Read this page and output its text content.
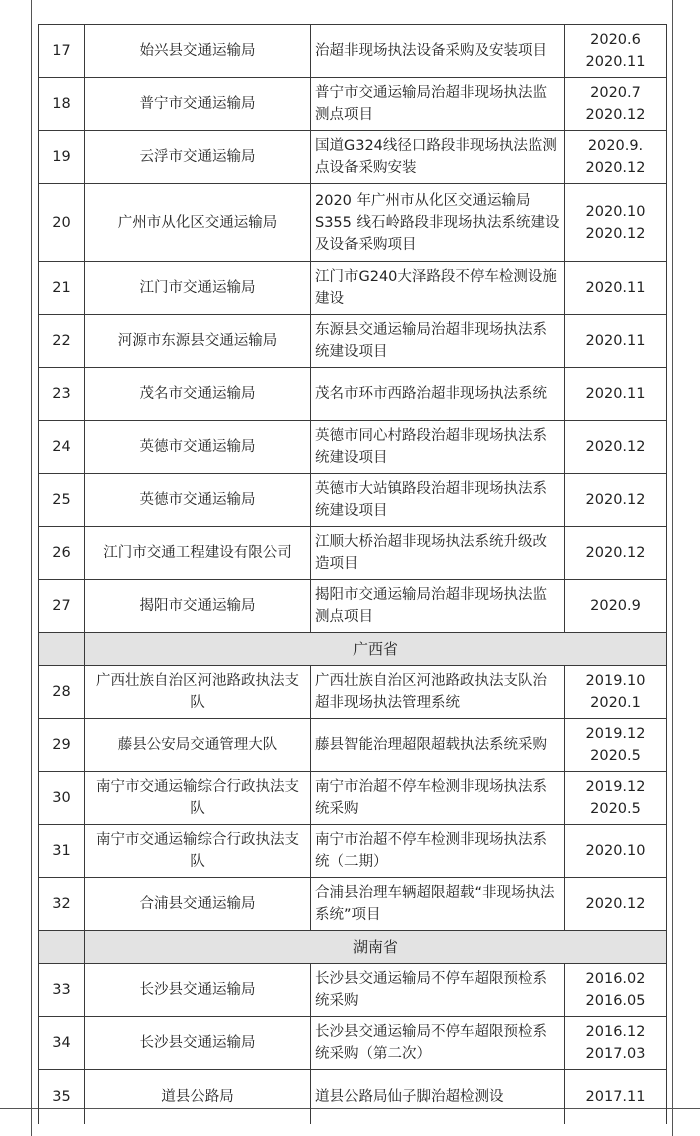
17	始兴县交通运输局	治超非现场执法设备采购及安装项目	2020.6
2020.11

18	普宁市交通运输局	普宁市交通运输局治超非现场执法监测点项目	2020.7
2020.12

19	云浮市交通运输局	国道G324线径口路段非现场执法监测点设备采购安装	2020.9.
2020.12

20	广州市从化区交通运输局	2020 年广州市从化区交通运输局 S355 线石岭路段非现场执法系统建设及设备采购项目	2020.10
2020.12

21	江门市交通运输局	江门市G240大泽路段不停车检测设施建设	2020.11

22	河源市东源县交通运输局	东源县交通运输局治超非现场执法系统建设项目	2020.11

23	茂名市交通运输局	茂名市环市西路治超非现场执法系统	2020.11

24	英德市交通运输局	英德市同心村路段治超非现场执法系统建设项目	2020.12

25	英德市交通运输局	英德市大站镇路段治超非现场执法系统建设项目	2020.12

26	江门市交通工程建设有限公司	江顺大桥治超非现场执法系统升级改造项目	2020.12

27	揭阳市交通运输局	揭阳市交通运输局治超非现场执法监测点项目	2020.9

	广西省		
28	广西壮族自治区河池路政执法支队	广西壮族自治区河池路政执法支队治超非现场执法管理系统	2019.10
2020.1

29	藤县公安局交通管理大队	藤县智能治理超限超载执法系统采购	2019.12
2020.5

30	南宁市交通运输综合行政执法支队	南宁市治超不停车检测非现场执法系统采购	2019.12
2020.5

31	南宁市交通运输综合行政执法支队	南宁市治超不停车检测非现场执法系统（二期）	2020.10

32	合浦县交通运输局	合浦县治理车辆超限超载“非现场执法系统”项目	2020.12

	湖南省		
33	长沙县交通运输局	长沙县交通运输局不停车超限预检系统采购	2016.02
2016.05

34	长沙县交通运输局	长沙县交通运输局不停车超限预检系统采购（第二次）	2016.12
2017.03

35	道县公路局	道县公路局仙子脚治超检测设	2017.11
